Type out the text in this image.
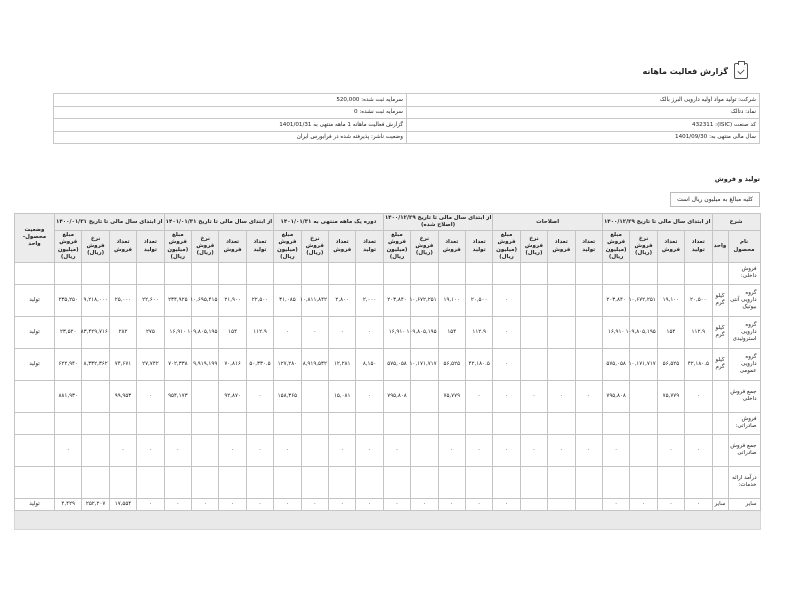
گزارش فعالیت ماهانه
شرکت: تولید مواد اولیه دارویی البرز بالک	سرمایه ثبت شده: 520,000
نماد: دتالک	سرمایه ثبت نشده: 0
کد صنعت (ISIC): 432311	گزارش فعالیت ماهانه 1 ماهه منتهی به 1401/01/31
سال مالی منتهی به: 1401/09/30	وضعیت ناشر: پذیرفته شده در فرابورس ایران
تولید و فروش
کلیه مبالغ به میلیون ریال است
شرح		از ابتدای سال مالی تا تاریخ ۱۴۰۰/۱۲/۲۹				اصلاحات				از ابتدای سال مالی تا تاریخ ۱۴۰۰/۱۲/۲۹ (اصلاح شده)				دوره یک ماهه منتهی به ۱۴۰۱/۰۱/۳۱				از ابتدای سال مالی تا تاریخ ۱۴۰۱/۰۱/۳۱				از ابتدای سال مالی تا تاریخ ۱۴۰۰/۰۱/۳۱				وضعیت محصول- واحد
نام محصول	واحد	تعداد تولید	تعداد فروش	نرخ فروش (ریال)	مبلغ فروش (میلیون ریال)	تعداد تولید	تعداد فروش	نرخ فروش (ریال)	مبلغ فروش (میلیون ریال)	تعداد تولید	تعداد فروش	نرخ فروش (ریال)	مبلغ فروش (میلیون ریال)	تعداد تولید	تعداد فروش	نرخ فروش (ریال)	مبلغ فروش (میلیون ریال)	تعداد تولید	تعداد فروش	نرخ فروش (ریال)	مبلغ فروش (میلیون ریال)	تعداد تولید	تعداد فروش	نرخ فروش (ریال)	مبلغ فروش (میلیون ریال)	
فروش داخلی:																										
گروه دارویی آنتی بیوتیک	کیلو گرم	۲۰,۵۰۰	۱۹,۱۰۰	۱۰,۶۷۲,۲۵۱	۲۰۳,۸۴۰				۰	۲۰,۵۰۰	۱۹,۱۰۰	۱۰,۶۷۲,۲۵۱	۲۰۳,۸۴۰	۲,۰۰۰	۲,۸۰۰	۱۰,۸۱۱,۸۴۲	۳۱,۰۸۵	۲۲,۵۰۰	۲۱,۹۰۰	۱۰,۶۹۵,۴۱۵	۲۳۴,۹۲۵	۲۲,۶۰۰	۲۵,۰۰۰	۹,۲۱۸,۰۰۰	۲۳۵,۲۵۰	تولید
گروه دارویی استروئیدی	کیلو گرم	۱۱۲.۹	۱۵۴	۱۰۹,۸۰۵,۱۹۵	۱۶,۹۱۰				۰	۱۱۲.۹	۱۵۴	۱۰۹,۸۰۵,۱۹۵	۱۶,۹۱۰	۰	۰	۰	۰	۱۱۲.۹	۱۵۴	۱۰۹,۸۰۵,۱۹۵	۱۶,۹۱۰	۲۷۵	۲۸۲	۸۳,۴۲۹,۷۱۶	۲۳,۵۲۰	تولید
گروه دارویی عمومی	کیلو گرم	۴۲,۱۸۰.۵	۵۶,۵۲۵	۱۰,۱۷۱,۷۱۷	۵۷۵,۰۵۸				۰	۴۲,۱۸۰.۵	۵۶,۵۲۵	۱۰,۱۷۱,۷۱۷	۵۷۵,۰۵۸	۸,۱۵۰	۱۲,۲۸۱	۸,۹۱۹,۵۳۲	۱۲۷,۲۸۰	۵۰,۳۳۰.۵	۷۰,۸۱۶	۹,۹۱۹,۱۹۹	۷۰۲,۳۳۸	۲۷,۷۴۲	۷۴,۶۷۱	۸,۳۳۲,۳۶۲	۶۲۲,۹۴۰	تولید
جمع فروش داخلی		۰	۷۵,۷۷۹		۷۹۵,۸۰۸	۰	۰	۰	۰	۰	۷۵,۷۷۹		۷۹۵,۸۰۸	۰	۱۵,۰۸۱		۱۵۸,۳۶۵	۰	۹۲,۸۷۰		۹۵۴,۱۷۳	۰	۹۹,۹۵۳		۸۸۱,۹۳۰	
فروش صادراتی:																										
جمع فروش صادراتی		۰	۰		۰	۰	۰	۰	۰	۰	۰		۰	۰	۰		۰	۰	۰		۰	۰	۰		۰	
درآمد ارائه خدمات:																										
سایر	سایر	۰	۰	۰	۰				۰	۰	۰	۰	۰	۰	۰	۰	۰	۰	۰	۰	۰	۰	۱۷,۵۵۴	۲۵۲,۲۰۷	۴,۴۲۹	تولید
